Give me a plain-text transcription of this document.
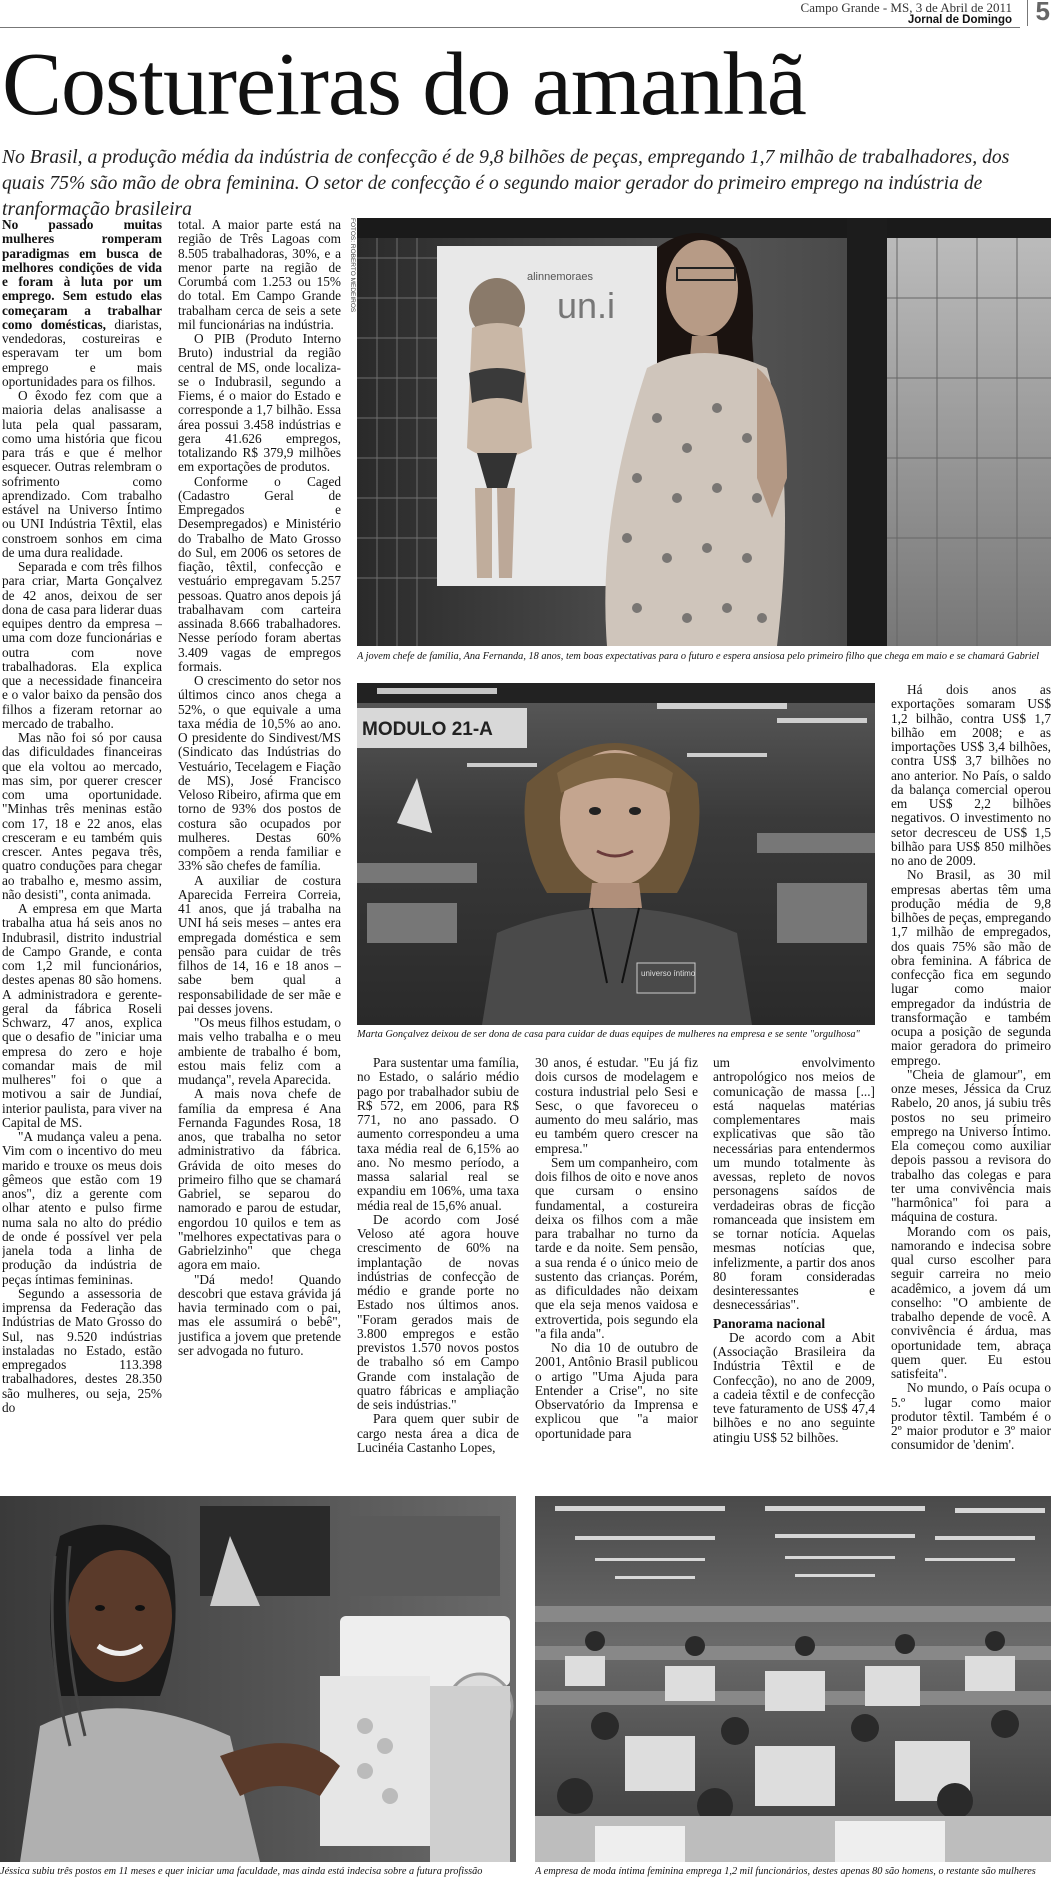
Campo Grande - MS, 3 de Abril de 2011
Jornal de Domingo 5
Costureiras do amanhã

No Brasil, a produção média da indústria de confecção é de 9,8 bilhões de peças, empregando 1,7 milhão de trabalhadores, dos quais 75% são mão de obra feminina. O setor de confecção é o segundo maior gerador do primeiro emprego na indústria de tranformação brasileira

No passado muitas mulheres romperam paradigmas em busca de melhores condições de vida e foram à luta por um emprego. Sem estudo elas começaram a trabalhar como domésticas, diaristas, vendedoras, costureiras e esperavam ter um bom emprego e mais oportunidades para os filhos.

O êxodo fez com que a maioria delas analisasse a luta pela qual passaram, como uma história que ficou para trás e que é melhor esquecer. Outras relembram o sofrimento como aprendizado. Com trabalho estável na Universo Íntimo ou UNI Indústria Têxtil, elas constroem sonhos em cima de uma dura realidade.

Separada e com três filhos para criar, Marta Gonçalvez de 42 anos, deixou de ser dona de casa para liderar duas equipes dentro da empresa – uma com doze funcionárias e outra com nove trabalhadoras. Ela explica que a necessidade financeira e o valor baixo da pensão dos filhos a fizeram retornar ao mercado de trabalho.

Mas não foi só por causa das dificuldades financeiras que ela voltou ao mercado, mas sim, por querer crescer com uma oportunidade. "Minhas três meninas estão com 17, 18 e 22 anos, elas cresceram e eu também quis crescer. Antes pegava três, quatro conduções para chegar ao trabalho e, mesmo assim, não desisti", conta animada.

A empresa em que Marta trabalha atua há seis anos no Indubrasil, distrito industrial de Campo Grande, e conta com 1,2 mil funcionários, destes apenas 80 são homens. A administradora e gerente-geral da fábrica Roseli Schwarz, 47 anos, explica que o desafio de "iniciar uma empresa do zero e hoje comandar mais de mil mulheres" foi o que a motivou a sair de Jundiaí, interior paulista, para viver na Capital de MS.

"A mudança valeu a pena. Vim com o incentivo do meu marido e trouxe os meus dois gêmeos que estão com 19 anos", diz a gerente com olhar atento e pulso firme numa sala no alto do prédio de onde é possível ver pela janela toda a linha de produção da indústria de peças íntimas femininas.

Segundo a assessoria de imprensa da Federação das Indústrias de Mato Grosso do Sul, nas 9.520 indústrias instaladas no Estado, estão empregados 113.398 trabalhadores, destes 28.350 são mulheres, ou seja, 25% do

total. A maior parte está na região de Três Lagoas com 8.505 trabalhadoras, 30%, e a menor parte na região de Corumbá com 1.253 ou 15% do total. Em Campo Grande trabalham cerca de seis a sete mil funcionárias na indústria.

O PIB (Produto Interno Bruto) industrial da região central de MS, onde localiza-se o Indubrasil, segundo a Fiems, é o maior do Estado e corresponde a 1,7 bilhão. Essa área possui 3.458 indústrias e gera 41.626 empregos, totalizando R$ 379,9 milhões em exportações de produtos.

Conforme o Caged (Cadastro Geral de Empregados e Desempregados) e Ministério do Trabalho de Mato Grosso do Sul, em 2006 os setores de fiação, têxtil, confecção e vestuário empregavam 5.257 pessoas. Quatro anos depois já trabalhavam com carteira assinada 8.666 trabalhadores. Nesse período foram abertas 3.409 vagas de empregos formais.

O crescimento do setor nos últimos cinco anos chega a 52%, o que equivale a uma taxa média de 10,5% ao ano. O presidente do Sindivest/MS (Sindicato das Indústrias do Vestuário, Tecelagem e Fiação de MS), José Francisco Veloso Ribeiro, afirma que em torno de 93% dos postos de costura são ocupados por mulheres. Destas 60% compõem a renda familiar e 33% são chefes de família.

A auxiliar de costura Aparecida Ferreira Correia, 41 anos, que já trabalha na UNI há seis meses – antes era empregada doméstica e sem pensão para cuidar de três filhos de 14, 16 e 18 anos – sabe bem qual a responsabilidade de ser mãe e pai desses jovens.

"Os meus filhos estudam, o mais velho trabalha e o meu ambiente de trabalho é bom, estou mais feliz com a mudança", revela Aparecida.

A mais nova chefe de família da empresa é Ana Fernanda Fagundes Rosa, 18 anos, que trabalha no setor administrativo da fábrica. Grávida de oito meses do primeiro filho que se chamará Gabriel, se separou do namorado e parou de estudar, engordou 10 quilos e tem as "melhores expectativas para o Gabrielzinho" que chega agora em maio.

"Dá medo! Quando descobri que estava grávida já havia terminado com o pai, mas ele assumirá o bebê", justifica a jovem que pretende ser advogada no futuro.

FOTOS: ROBERTO MEDEIROS	alinnemoraes
un.i
A jovem chefe de família, Ana Fernanda, 18 anos, tem boas expectativas para o futuro e espera ansiosa pelo primeiro filho que chega em maio e se chamará Gabriel
MODULO 21-A
universo íntimo
Marta Gonçalvez deixou de ser dona de casa para cuidar de duas equipes de mulheres na empresa e se sente "orgulhosa"

Para sustentar uma família, no Estado, o salário médio pago por trabalhador subiu de R$ 572, em 2006, para R$ 771, no ano passado. O aumento correspondeu a uma taxa média real de 6,15% ao ano. No mesmo período, a massa salarial real se expandiu em 106%, uma taxa média real de 15,6% anual.

De acordo com José Veloso até agora houve crescimento de 60% na implantação de novas indústrias de confecção de médio e grande porte no Estado nos últimos anos. "Foram gerados mais de 3.800 empregos e estão previstos 1.570 novos postos de trabalho só em Campo Grande com instalação de quatro fábricas e ampliação de seis indústrias."

Para quem quer subir de cargo nesta área a dica de Lucinéia Castanho Lopes,

30 anos, é estudar. "Eu já fiz dois cursos de modelagem e costura industrial pelo Sesi e Sesc, o que favoreceu o aumento do meu salário, mas eu também quero crescer na empresa."

Sem um companheiro, com dois filhos de oito e nove anos que cursam o ensino fundamental, a costureira deixa os filhos com a mãe para trabalhar no turno da tarde e da noite. Sem pensão, a sua renda é o único meio de sustento das crianças. Porém, as dificuldades não deixam que ela seja menos vaidosa e extrovertida, pois segundo ela "a fila anda".

No dia 10 de outubro de 2001, Antônio Brasil publicou o artigo "Uma Ajuda para Entender a Crise", no site Observatório da Imprensa e explicou que "a maior oportunidade para

um envolvimento antropológico nos meios de comunicação de massa [...] está naquelas matérias complementares mais explicativas que são tão necessárias para entendermos um mundo totalmente às avessas, repleto de novos personagens saídos de verdadeiras obras de ficção romanceada que insistem em se tornar notícia. Aquelas mesmas notícias que, infelizmente, a partir dos anos 80 foram consideradas desinteressantes e desnecessárias".

Panorama nacional

De acordo com a Abit (Associação Brasileira da Indústria Têxtil e de Confecção), no ano de 2009, a cadeia têxtil e de confecção teve faturamento de US$ 47,4 bilhões e no ano seguinte atingiu US$ 52 bilhões.

Há dois anos as exportações somaram US$ 1,2 bilhão, contra US$ 1,7 bilhão em 2008; e as importações US$ 3,4 bilhões, contra US$ 3,7 bilhões no ano anterior. No País, o saldo da balança comercial operou em US$ 2,2 bilhões negativos. O investimento no setor decresceu de US$ 1,5 bilhão para US$ 850 milhões no ano de 2009.

No Brasil, as 30 mil empresas abertas têm uma produção média de 9,8 bilhões de peças, empregando 1,7 milhão de empregados, dos quais 75% são mão de obra feminina. A fábrica de confecção fica em segundo lugar como maior empregador da indústria de transformação e também ocupa a posição de segunda maior geradora do primeiro emprego.

"Cheia de glamour", em onze meses, Jéssica da Cruz Rabelo, 20 anos, já subiu três postos no seu primeiro emprego na Universo Íntimo. Ela começou como auxiliar depois passou a revisora do trabalho das colegas e para ter uma convivência mais "harmônica" foi para a máquina de costura.

Morando com os pais, namorando e indecisa sobre qual curso escolher para seguir carreira no meio acadêmico, a jovem dá um conselho: "O ambiente de trabalho depende de você. A convivência é árdua, mas oportunidade tem, abraça quem quer. Eu estou satisfeita".

No mundo, o País ocupa o 5.º lugar como maior produtor têxtil. Também é o 2º maior produtor e 3º maior consumidor de 'denim'.

Jéssica subiu três postos em 11 meses e quer iniciar uma faculdade, mas ainda está indecisa sobre a futura profissão	A empresa de moda íntima feminina emprega 1,2 mil funcionários, destes apenas 80 são homens, o restante são mulheres
